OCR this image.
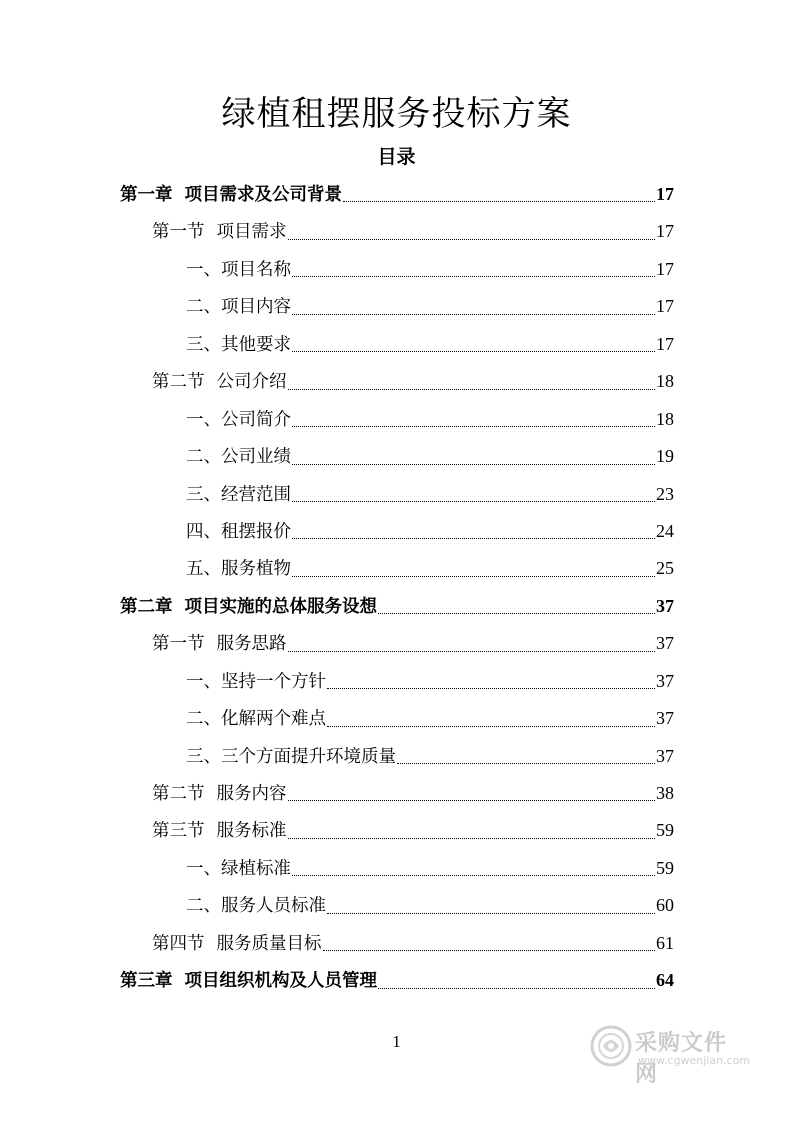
绿植租摆服务投标方案
目录
第一章 项目需求及公司背景	17
第一节 项目需求	17
一、 项目名称	17
二、 项目内容	17
三、 其他要求	17
第二节 公司介绍	18
一、 公司简介	18
二、 公司业绩	19
三、 经营范围	23
四、 租摆报价	24
五、 服务植物	25
第二章 项目实施的总体服务设想	37
第一节 服务思路	37
一、 坚持一个方针	37
二、 化解两个难点	37
三、 三个方面提升环境质量	37
第二节 服务内容	38
第三节 服务标准	59
一、 绿植标准	59
二、 服务人员标准	60
第四节 服务质量目标	61
第三章 项目组织机构及人员管理	64
1	采购文件网
www.cgwenjian.com
